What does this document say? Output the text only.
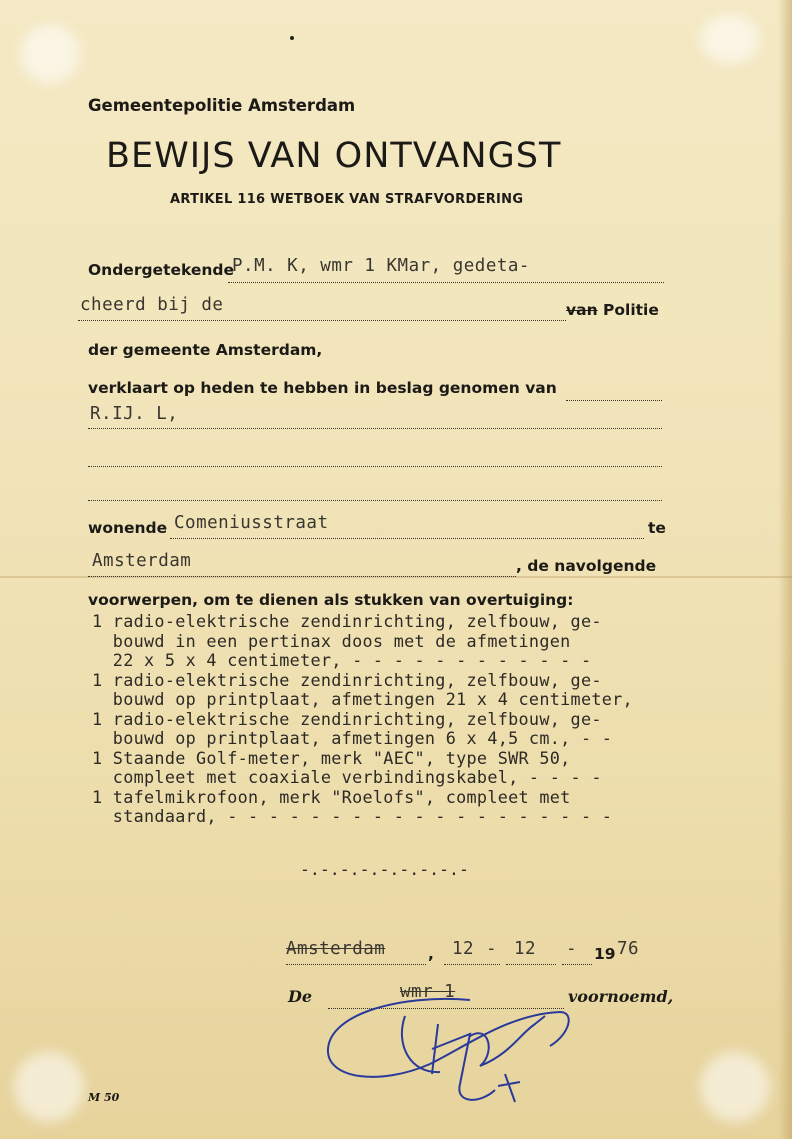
Gemeentepolitie Amsterdam
BEWIJS VAN ONTVANGST
ARTIKEL 116 WETBOEK VAN STRAFVORDERING
Ondergetekende
P.M. K, wmr 1 KMar, gedeta-
cheerd bij de	van Politie
der gemeente Amsterdam,
verklaart op heden te hebben in beslag genomen van
R.IJ. L,
wonende Comeniusstraat	te
Amsterdam	, de navolgende
voorwerpen, om te dienen als stukken van overtuiging:
1 radio-elektrische zendinrichting, zelfbouw, ge-
bouwd in een pertinax doos met de afmetingen
22 x 5 x 4 centimeter, - - - - - - - - - - - -
1 radio-elektrische zendinrichting, zelfbouw, ge-
bouwd op printplaat, afmetingen 21 x 4 centimeter,
1 radio-elektrische zendinrichting, zelfbouw, ge-
bouwd op printplaat, afmetingen 6 x 4,5 cm., - -
1 Staande Golf-meter, merk "AEC", type SWR 50,
compleet met coaxiale verbindingskabel, - - - -
1 tafelmikrofoon, merk "Roelofs", compleet met
standaard, - - - - - - - - - - - - - - - - - - -
-.-.-.-.-.-.-.-.-
Amsterdam	, 12 - 12 - 19 76
De	wmr 1	voornoemd,
M 50
